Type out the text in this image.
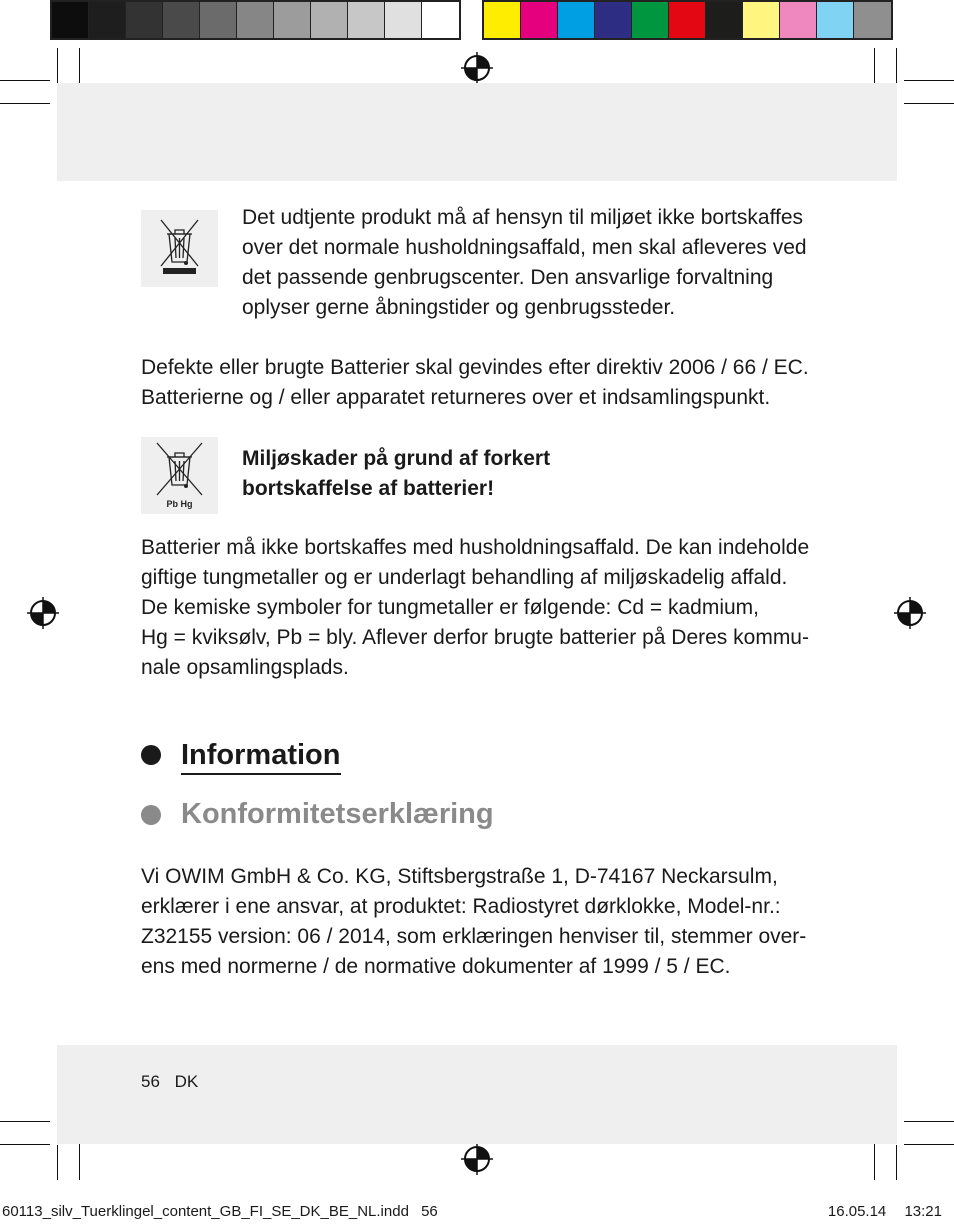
Det udtjente produkt må af hensyn til miljøet ikke bortskaffes

over det normale husholdningsaffald, men skal afleveres ved

det passende genbrugscenter. Den ansvarlige forvaltning

oplyser gerne åbningstider og genbrugssteder.

Defekte eller brugte Batterier skal gevindes efter direktiv 2006 / 66 / EC.

Batterierne og / eller apparatet returneres over et indsamlingspunkt.

Pb Hg

Miljøskader på grund af forkert

bortskaffelse af batterier!

Batterier må ikke bortskaffes med husholdningsaffald. De kan indeholde

giftige tungmetaller og er underlagt behandling af miljøskadelig affald.

De kemiske symboler for tungmetaller er følgende: Cd = kadmium,

Hg = kviksølv, Pb = bly. Aflever derfor brugte batterier på Deres kommu-

nale opsamlingsplads.

Information
Konformitetserklæring

Vi OWIM GmbH & Co. KG, Stiftsbergstraße 1, D-74167 Neckarsulm,

erklærer i ene ansvar, at produktet: Radiostyret dørklokke, Model-nr.:

Z32155 version: 06 / 2014, som erklæringen henviser til, stemmer over-

ens med normerne / de normative dokumenter af 1999 / 5 / EC.

56 DK
60113_silv_Tuerklingel_content_GB_FI_SE_DK_BE_NL.indd 56	16.05.14 13:21
